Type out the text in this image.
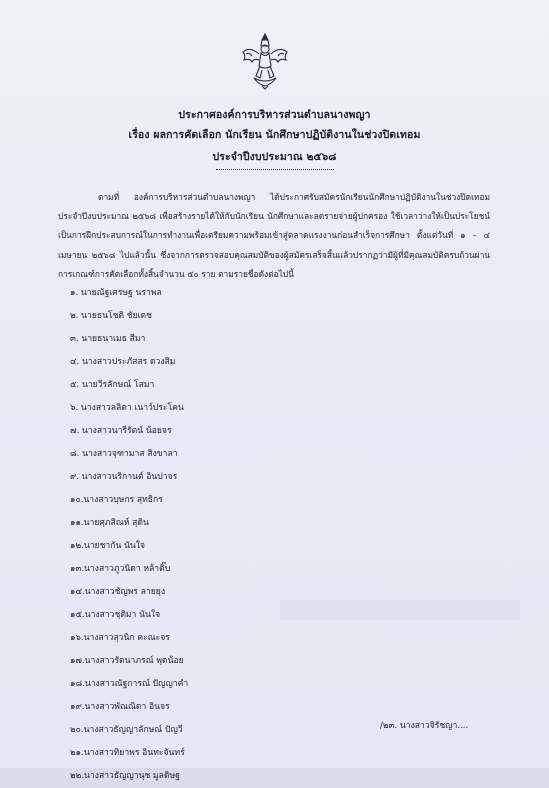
ประกาศองค์การบริหารส่วนตำบลนางพญา
เรื่อง ผลการคัดเลือก นักเรียน นักศึกษาปฏิบัติงานในช่วงปิดเทอม
ประจำปีงบประมาณ ๒๕๖๘

ตามที่ องค์การบริหารส่วนตำบลนางพญา ได้ประกาศรับสมัครนักเรียนนักศึกษาปฏิบัติงานในช่วงปิดเทอม ประจำปีงบประมาณ ๒๕๖๘ เพื่อสร้างรายได้ให้กับนักเรียน นักศึกษาและลดรายจ่ายผู้ปกครอง ใช้เวลาว่างให้เป็นประโยชน์เป็นการฝึกประสบการณ์ในการทำงานเพื่อเตรียมความพร้อมเข้าสู่ตลาดแรงงานก่อนสำเร็จการศึกษา ตั้งแต่วันที่ ๑ – ๔ เมษายน ๒๕๖๘ ไปแล้วนั้น ซึ่งจากการตรวจสอบคุณสมบัติของผู้สมัครเสร็จสิ้นแล้วปรากฏว่ามีผู้ที่มีคุณสมบัติครบถ้วนผ่านการเกณฑ์การคัดเลือกทั้งสิ้นจำนวน ๕๐ ราย ตามรายชื่อดังต่อไปนี้

๑. นายณัฐเศรษฐ นราพล
๒. นายธนโชติ ชัยเดช
๓. นายธนาเมธ สีมา
๔. นางสาวประภัสสร ดวงสิม
๕. นายวีรลักษณ์ โสมา
๖. นางสาวลลิตา เนาว์ประโคน
๗. นางสาวนารีรัตน์ น้อยจร
๘. นางสาวจุฑามาส สิงขาลา
๙. นางสาวนริกานต์ อินปาจร
๑๐.นางสาวบุษกร สุทธิกร
๑๑.นายศุภสิณห์ สุดิน
๑๒.นายชากัน นันใจ
๑๓.นางสาวภูวนิดา หล้าติ๊บ
๑๔.นางสาวชัญพร ลายยุง
๑๕.นางสาวชุติมา นันใจ
๑๖.นางสาวสุวนิก คะณะจร
๑๗.นางสาวรัตนาภรณ์ พุดน้อย
๑๘.นางสาวณัฐการณ์ ปัญญาคำ
๑๙.นางสาวพัณณิดา อินจร
๒๐.นางสาวธัญญาลักษณ์ ปัญวี
๒๑.นางสาวทิยาพร อินทะจันทร์
๒๒.นางสาวธัญญานุช มูลดิษฐ
/๒๓. นางสาวจิรัชญา....
